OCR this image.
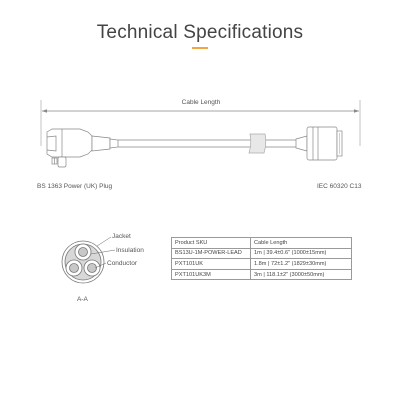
Technical Specifications
Cable Length
Jacket
Insulation
Conductor
A-A
BS 1363 Power (UK) Plug	IEC 60320 C13
Product SKU	Cable Length
BS13U-1M-POWER-LEAD	1m | 39.4±0.6" (1000±15mm)
PXT101UK	1.8m | 72±1.2" (1829±30mm)
PXT101UK3M	3m | 118.1±2" (3000±50mm)
